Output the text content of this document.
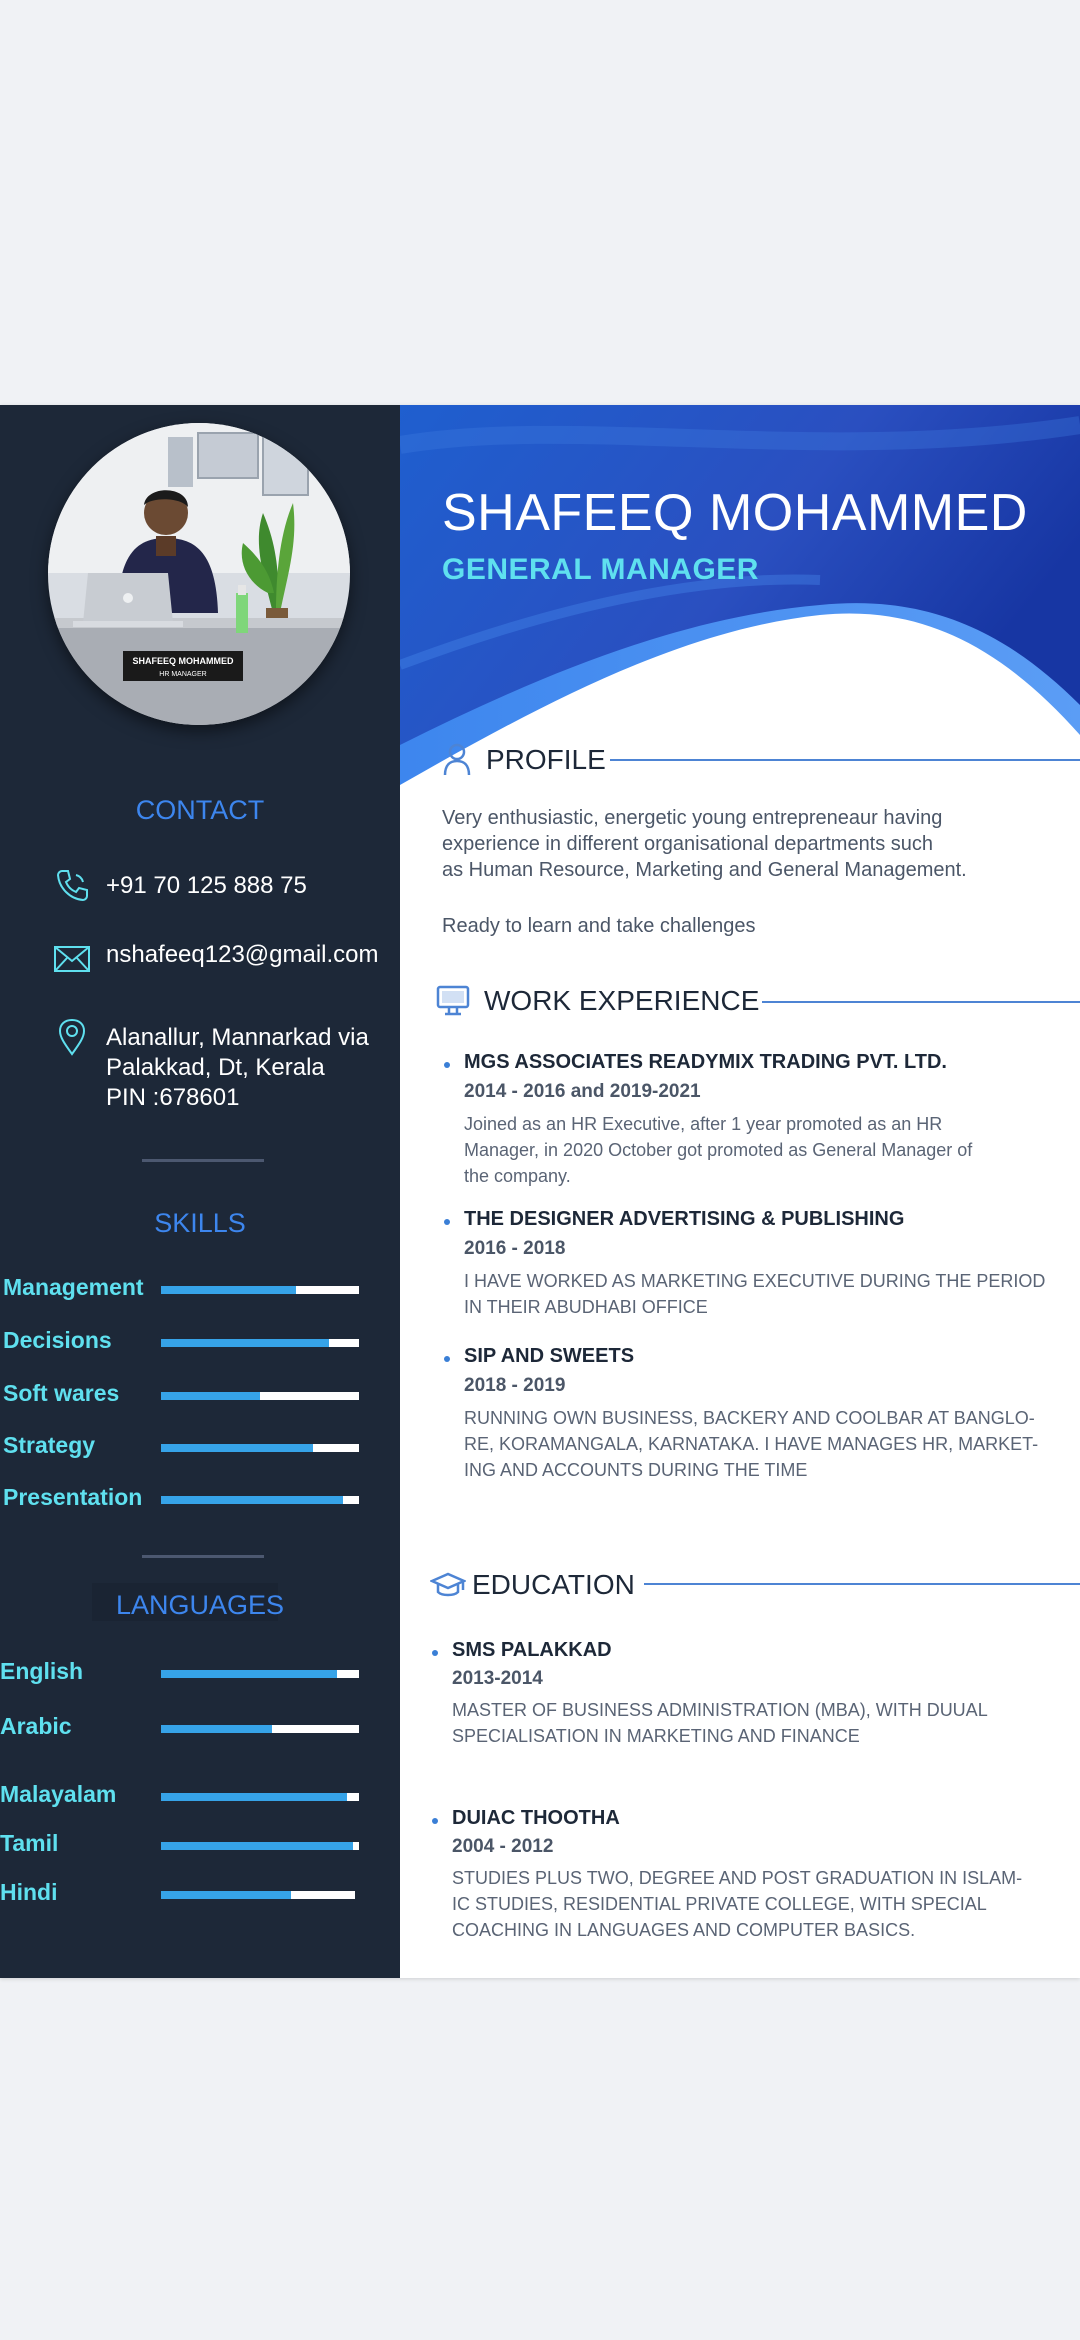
SHAFEEQ MOHAMMED
HR MANAGER
CONTACT
+91 70 125 888 75
nshafeeq123@gmail.com
Alanallur, Mannarkad via
Palakkad, Dt, Kerala
PIN :678601
SKILLS
Management
Decisions
Soft wares
Strategy
Presentation
LANGUAGES
English
Arabic
Malayalam
Tamil
Hindi
SHAFEEQ MOHAMMED
GENERAL MANAGER
PROFILE
Very enthusiastic, energetic young entrepreneaur having
experience in different organisational departments such
as Human Resource, Marketing and General Management.
Ready to learn and take challenges
WORK EXPERIENCE
MGS ASSOCIATES READYMIX TRADING PVT. LTD.
2014 - 2016 and 2019-2021
Joined as an HR Executive, after 1 year promoted as an HR
Manager, in 2020 October got promoted as General Manager of
the company.
THE DESIGNER ADVERTISING & PUBLISHING
2016 - 2018
I HAVE WORKED AS MARKETING EXECUTIVE DURING THE PERIOD
IN THEIR ABUDHABI OFFICE
SIP AND SWEETS
2018 - 2019
RUNNING OWN BUSINESS, BACKERY AND COOLBAR AT BANGLO-
RE, KORAMANGALA, KARNATAKA. I HAVE MANAGES HR, MARKET-
ING AND ACCOUNTS DURING THE TIME
EDUCATION
SMS PALAKKAD
2013-2014
MASTER OF BUSINESS ADMINISTRATION (MBA), WITH DUUAL
SPECIALISATION IN MARKETING AND FINANCE
DUIAC THOOTHA
2004 - 2012
STUDIES PLUS TWO, DEGREE AND POST GRADUATION IN ISLAM-
IC STUDIES, RESIDENTIAL PRIVATE COLLEGE, WITH SPECIAL
COACHING IN LANGUAGES AND COMPUTER BASICS.
